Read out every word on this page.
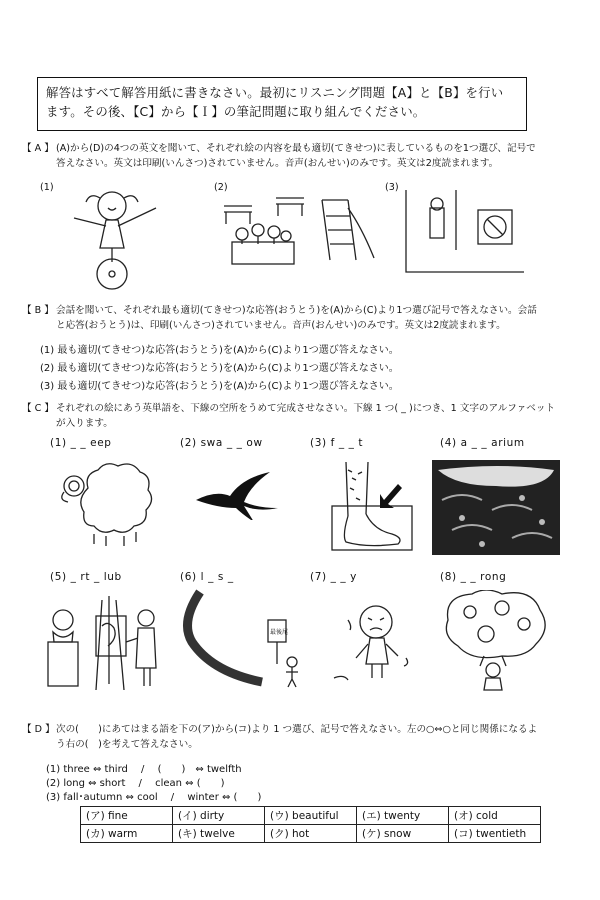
解答はすべて解答用紙に書きなさい。最初にリスニング問題【A】と【B】を行い
ます。その後、【C】から【Ｉ】の筆記問題に取り組んでください。
【 A 】 (A)から(D)の4つの英文を聞いて、それぞれ絵の内容を最も適切(てきせつ)に表しているものを1つ選び、記号で
答えなさい。英文は印刷(いんさつ)されていません。音声(おんせい)のみです。英文は2度読まれます。
(1)	(2)	(3)
【 B 】 会話を聞いて、それぞれ最も適切(てきせつ)な応答(おうとう)を(A)から(C)より1つ選び記号で答えなさい。会話
と応答(おうとう)は、印刷(いんさつ)されていません。音声(おんせい)のみです。英文は2度読まれます。
(1) 最も適切(てきせつ)な応答(おうとう)を(A)から(C)より1つ選び答えなさい。
(2) 最も適切(てきせつ)な応答(おうとう)を(A)から(C)より1つ選び答えなさい。
(3) 最も適切(てきせつ)な応答(おうとう)を(A)から(C)より1つ選び答えなさい。
【 C 】 それぞれの絵にあう英単語を、下線の空所をうめて完成させなさい。下線 1 つ( _ )につき、1 文字のアルファベット
が入ります。
(1) _ _ eep	(2) swa _ _ ow	(3) f _ _ t	(4) a _ _ arium
(5) _ rt _ lub	(6) l _ s _	(7) _ _ y	(8) _ _ rong
最後尾
【 D 】次の(　　)にあてはまる語を下の(ア)から(コ)より 1 つ選び、記号で答えなさい。左の○⇔○と同じ関係になるよ
う右の(　)を考えて答えなさい。
(1) three ⇔ third　 /　 (　　)　⇔ twelfth
(2) long ⇔ short　 /　 clean ⇔ (　　)
(3) fall･autumn ⇔ cool　 /　 winter ⇔ (　　)
(ア) fine	(イ) dirty	(ウ) beautiful	(エ) twenty	(オ) cold
(カ) warm	(キ) twelve	(ク) hot	(ケ) snow	(コ) twentieth
